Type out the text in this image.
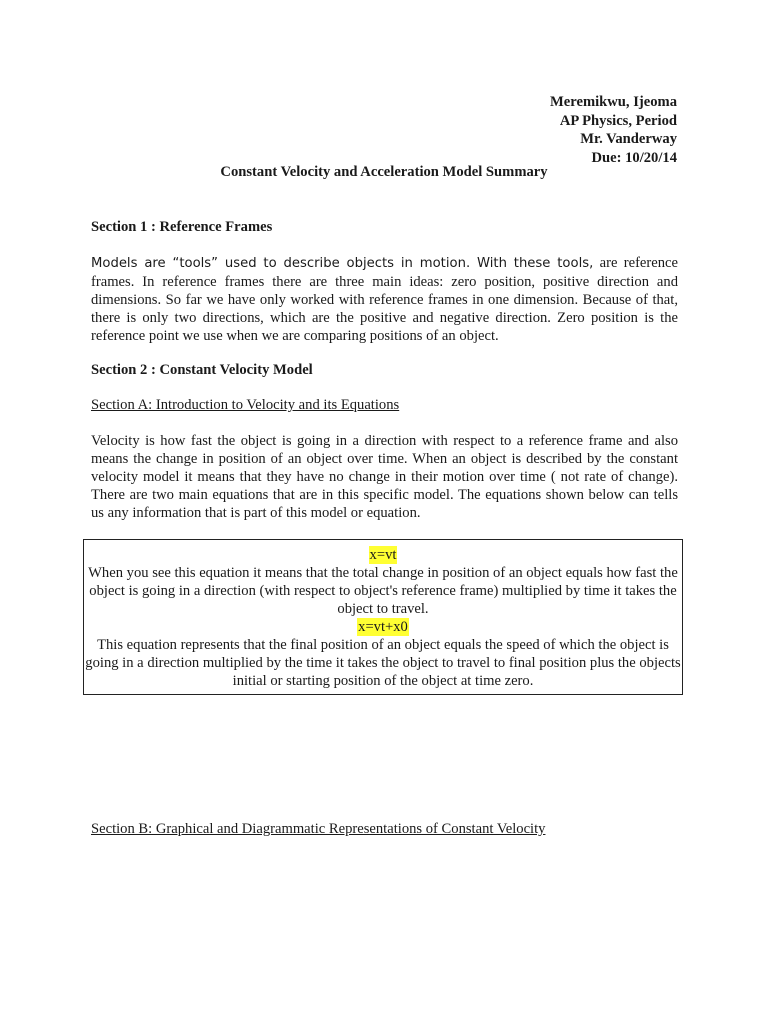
Meremikwu, Ijeoma
AP Physics, Period
Mr. Vanderway
Due: 10/20/14
Constant Velocity and Acceleration Model Summary
Section 1 : Reference Frames
Models are “tools” used to describe objects in motion. With these tools, are reference frames. In reference frames there are three main ideas: zero position, positive direction and dimensions. So far we have only worked with reference frames in one dimension. Because of that, there is only two directions, which are the positive and negative direction. Zero position is the reference point we use when we are comparing positions of an object.
Section 2 : Constant Velocity Model
Section A: Introduction to Velocity and its Equations
Velocity is how fast the object is going in a direction with respect to a reference frame and also means the change in position of an object over time. When an object is described by the constant velocity model it means that they have no change in their motion over time ( not rate of change). There are two main equations that are in this specific model. The equations shown below can tells us any information that is part of this model or equation.
x=vt
When you see this equation it means that the total change in position of an object equals how fast the object is going in a direction (with respect to object's reference frame) multiplied by time it takes the object to travel.
x=vt+x0
This equation represents that the final position of an object equals the speed of which the object is going in a direction multiplied by the time it takes the object to travel to final position plus the objects initial or starting position of the object at time zero.
Section B: Graphical and Diagrammatic Representations of Constant Velocity
